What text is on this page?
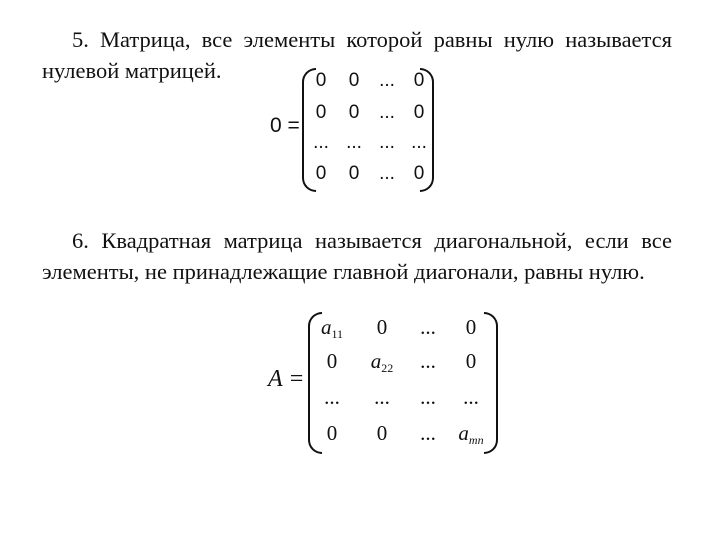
5. Матрица, все элементы которой равны нулю называется нулевой матрицей.

0 =
0	0	... 0
0	0	... 0
... ... ... ...
0	0	... 0

6. Квадратная матрица называется диагональной, если все элементы, не принадлежащие главной диагонали, равны нулю.

A =
$a_{11}$	0	...	0
0	$a_{22}$	...	0
...	...	...	...
0	0	...	$a_{mn}$
